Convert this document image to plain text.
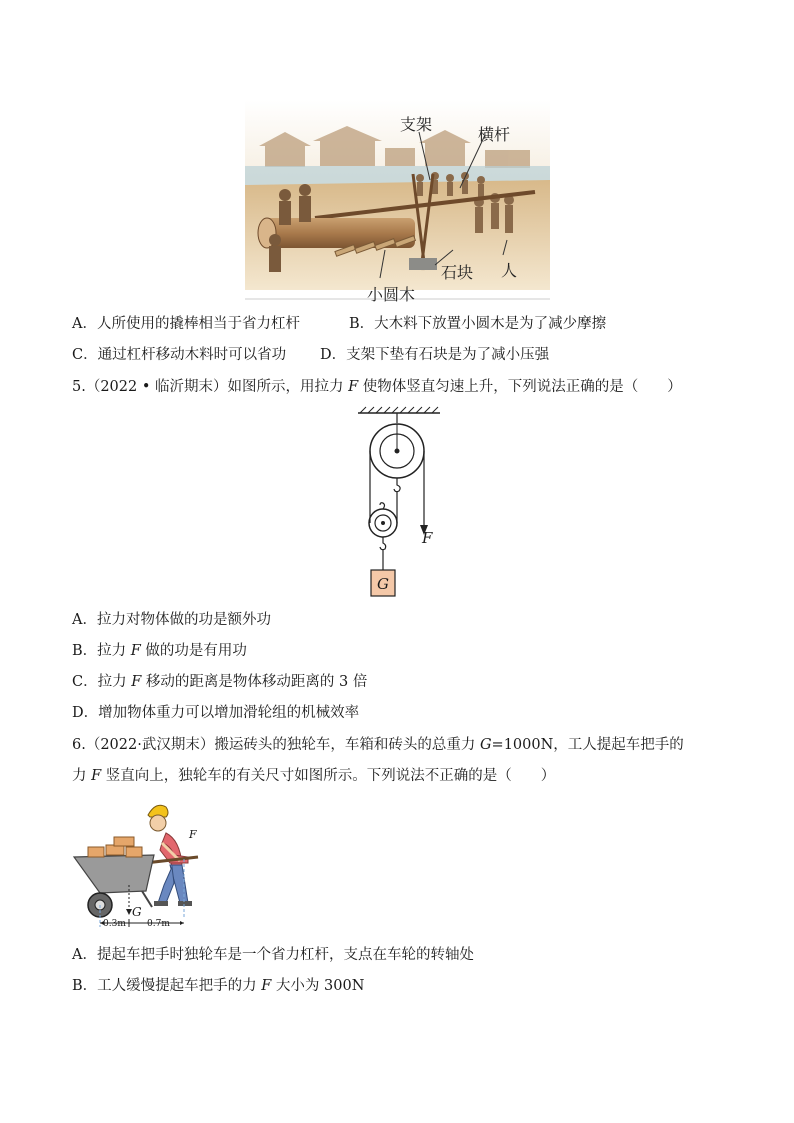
支架
横杆
石块 人
小圆木
A．人所使用的撬棒相当于省力杠杆	B．大木料下放置小圆木是为了减少摩擦
C．通过杠杆移动木料时可以省功 D．支架下垫有石块是为了减小压强
5.（2022 • 临沂期末）如图所示，用拉力 F 使物体竖直匀速上升，下列说法正确的是（　　）
F
G
A．拉力对物体做的功是额外功
B．拉力 F 做的功是有用功
C．拉力 F 移动的距离是物体移动距离的 3 倍
D．增加物体重力可以增加滑轮组的机械效率
6.（2022·武汉期末）搬运砖头的独轮车，车箱和砖头的总重力 G=1000N，工人提起车把手的
力 F 竖直向上，独轮车的有关尺寸如图所示。下列说法不正确的是（　　）
F
G
0.3m 0.7m
A．提起车把手时独轮车是一个省力杠杆，支点在车轮的转轴处
B．工人缓慢提起车把手的力 F 大小为 300N
